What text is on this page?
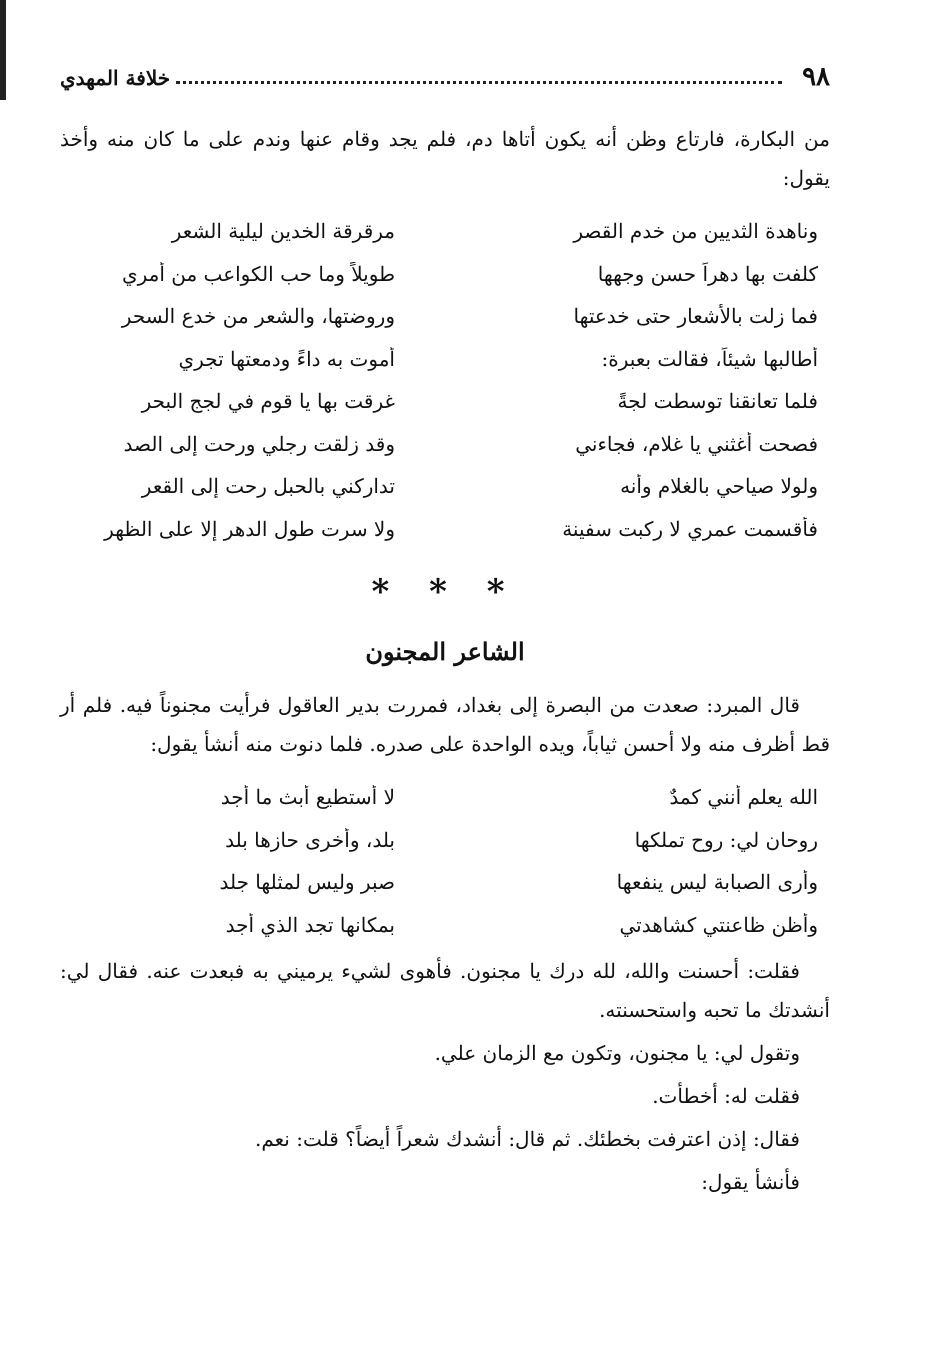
٩٨
خلافة المهدي

من البكارة، فارتاع وظن أنه يكون أتاها دم، فلم يجد وقام عنها وندم على ما كان منه وأخذ يقول:

وناهدة الثديين من خدم القصر
مرقرقة الخدين ليلية الشعر
كلفت بها دهراً حسن وجهها
طويلاً وما حب الكواعب من أمري
فما زلت بالأشعار حتى خدعتها
وروضتها، والشعر من خدع السحر
أطالبها شيئاً، فقالت بعبرة:
أموت به داءً ودمعتها تجري
فلما تعانقنا توسطت لجةً
غرقت بها يا قوم في لجج البحر
فصحت أغثني يا غلام، فجاءني
وقد زلقت رجلي ورحت إلى الصد
ولولا صياحي بالغلام وأنه
تداركني بالحبل رحت إلى القعر
فأقسمت عمري لا ركبت سفينة
ولا سرت طول الدهر إلا على الظهر
* * *
الشاعر المجنون

قال المبرد: صعدت من البصرة إلى بغداد، فمررت بدير العاقول فرأيت مجنوناً فيه. فلم أر قط أظرف منه ولا أحسن ثياباً، ويده الواحدة على صدره. فلما دنوت منه أنشأ يقول:

الله يعلم أنني كمدٌ
لا أستطيع أبث ما أجد
روحان لي: روح تملكها
بلد، وأخرى حازها بلد
وأرى الصبابة ليس ينفعها
صبر وليس لمثلها جلد
وأظن ظاعنتي كشاهدتي
بمكانها تجد الذي أجد

فقلت: أحسنت والله، لله درك يا مجنون. فأهوى لشيء يرميني به فبعدت عنه. فقال لي: أنشدتك ما تحبه واستحسنته.

وتقول لي: يا مجنون، وتكون مع الزمان علي.

فقلت له: أخطأت.

فقال: إذن اعترفت بخطئك. ثم قال: أنشدك شعراً أيضاً؟ قلت: نعم.

فأنشأ يقول:
